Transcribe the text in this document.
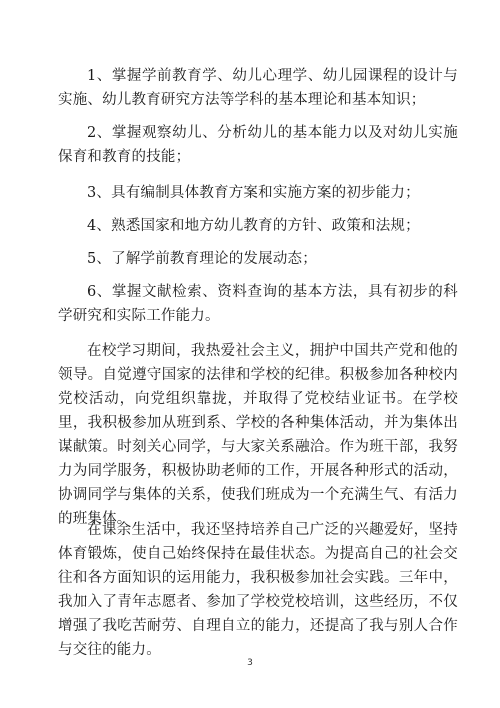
1、掌握学前教育学、幼儿心理学、幼儿园课程的设计与实施、幼儿教育研究方法等学科的基本理论和基本知识；

2、掌握观察幼儿、分析幼儿的基本能力以及对幼儿实施保育和教育的技能；

3、具有编制具体教育方案和实施方案的初步能力；

4、熟悉国家和地方幼儿教育的方针、政策和法规；

5、了解学前教育理论的发展动态；

6、掌握文献检索、资料查询的基本方法，具有初步的科学研究和实际工作能力。

在校学习期间，我热爱社会主义，拥护中国共产党和他的领导。自觉遵守国家的法律和学校的纪律。积极参加各种校内党校活动，向党组织靠拢，并取得了党校结业证书。在学校里，我积极参加从班到系、学校的各种集体活动，并为集体出谋献策。时刻关心同学，与大家关系融洽。作为班干部，我努力为同学服务，积极协助老师的工作，开展各种形式的活动，协调同学与集体的关系，使我们班成为一个充满生气、有活力的班集体。

在课余生活中，我还坚持培养自己广泛的兴趣爱好，坚持体育锻炼，使自己始终保持在最佳状态。为提高自己的社会交往和各方面知识的运用能力，我积极参加社会实践。三年中，我加入了青年志愿者、参加了学校党校培训，这些经历，不仅增强了我吃苦耐劳、自理自立的能力，还提高了我与别人合作与交往的能力。

3
